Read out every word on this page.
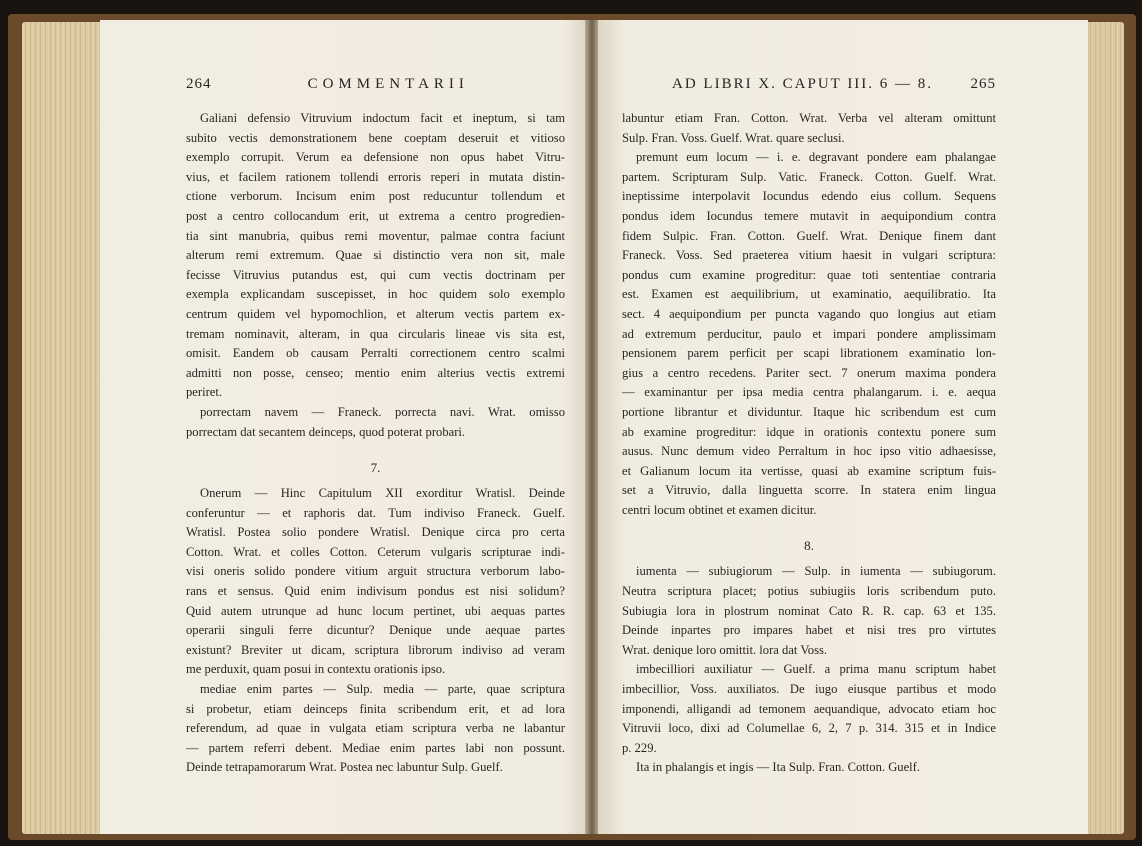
264	COMMENTARII

Galiani defensio Vitruvium indoctum facit et ineptum, si tam

subito vectis demonstrationem bene coeptam deseruit et vitioso

exemplo corrupit. Verum ea defensione non opus habet Vitru-

vius, et facilem rationem tollendi erroris reperi in mutata distin-

ctione verborum. Incisum enim post reducuntur tollendum et

post a centro collocandum erit, ut extrema a centro progredien-

tia sint manubria, quibus remi moventur, palmae contra faciunt

alterum remi extremum. Quae si distinctio vera non sit, male

fecisse Vitruvius putandus est, qui cum vectis doctrinam per

exempla explicandam suscepisset, in hoc quidem solo exemplo

centrum quidem vel hypomochlion, et alterum vectis partem ex-

tremam nominavit, alteram, in qua circularis lineae vis sita est,

omisit. Eandem ob causam Perralti correctionem centro scalmi

admitti non posse, censeo; mentio enim alterius vectis extremi

periret.

porrectam navem — Franeck. porrecta navi. Wrat. omisso

porrectam dat secantem deinceps, quod poterat probari.

7.

Onerum — Hinc Capitulum XII exorditur Wratisl. Deinde

conferuntur — et raphoris dat. Tum indiviso Franeck. Guelf.

Wratisl. Postea solio pondere Wratisl. Denique circa pro certa

Cotton. Wrat. et colles Cotton. Ceterum vulgaris scripturae indi-

visi oneris solido pondere vitium arguit structura verborum labo-

rans et sensus. Quid enim indivisum pondus est nisi solidum?

Quid autem utrunque ad hunc locum pertinet, ubi aequas partes

operarii singuli ferre dicuntur? Denique unde aequae partes

existunt? Breviter ut dicam, scriptura librorum indiviso ad veram

me perduxit, quam posui in contextu orationis ipso.

mediae enim partes — Sulp. media — parte, quae scriptura

si probetur, etiam deinceps finita scribendum erit, et ad lora

referendum, ad quae in vulgata etiam scriptura verba ne labantur

— partem referri debent. Mediae enim partes labi non possunt.

Deinde tetrapamorarum Wrat. Postea nec labuntur Sulp. Guelf.

AD LIBRI X. CAPUT III. 6 — 8.	265

labuntur etiam Fran. Cotton. Wrat. Verba vel alteram omittunt

Sulp. Fran. Voss. Guelf. Wrat. quare seclusi.

premunt eum locum — i. e. degravant pondere eam phalangae

partem. Scripturam Sulp. Vatic. Franeck. Cotton. Guelf. Wrat.

ineptissime interpolavit Iocundus edendo eius collum. Sequens

pondus idem Iocundus temere mutavit in aequipondium contra

fidem Sulpic. Fran. Cotton. Guelf. Wrat. Denique finem dant

Franeck. Voss. Sed praeterea vitium haesit in vulgari scriptura:

pondus cum examine progreditur: quae toti sententiae contraria

est. Examen est aequilibrium, ut examinatio, aequilibratio. Ita

sect. 4 aequipondium per puncta vagando quo longius aut etiam

ad extremum perducitur, paulo et impari pondere amplissimam

pensionem parem perficit per scapi librationem examinatio lon-

gius a centro recedens. Pariter sect. 7 onerum maxima pondera

— examinantur per ipsa media centra phalangarum. i. e. aequa

portione librantur et dividuntur. Itaque hic scribendum est cum

ab examine progreditur: idque in orationis contextu ponere sum

ausus. Nunc demum video Perraltum in hoc ipso vitio adhaesisse,

et Galianum locum ita vertisse, quasi ab examine scriptum fuis-

set a Vitruvio, dalla linguetta scorre. In statera enim lingua

centri locum obtinet et examen dicitur.

8.

iumenta — subiugiorum — Sulp. in iumenta — subiugorum.

Neutra scriptura placet; potius subiugiis loris scribendum puto.

Subiugia lora in plostrum nominat Cato R. R. cap. 63 et 135.

Deinde inpartes pro impares habet et nisi tres pro virtutes

Wrat. denique loro omittit. lora dat Voss.

imbecilliori auxiliatur — Guelf. a prima manu scriptum habet

imbecillior, Voss. auxiliatos. De iugo eiusque partibus et modo

imponendi, alligandi ad temonem aequandique, advocato etiam hoc

Vitruvii loco, dixi ad Columellae 6, 2, 7 p. 314. 315 et in Indice

p. 229.

Ita in phalangis et ingis — Ita Sulp. Fran. Cotton. Guelf.
